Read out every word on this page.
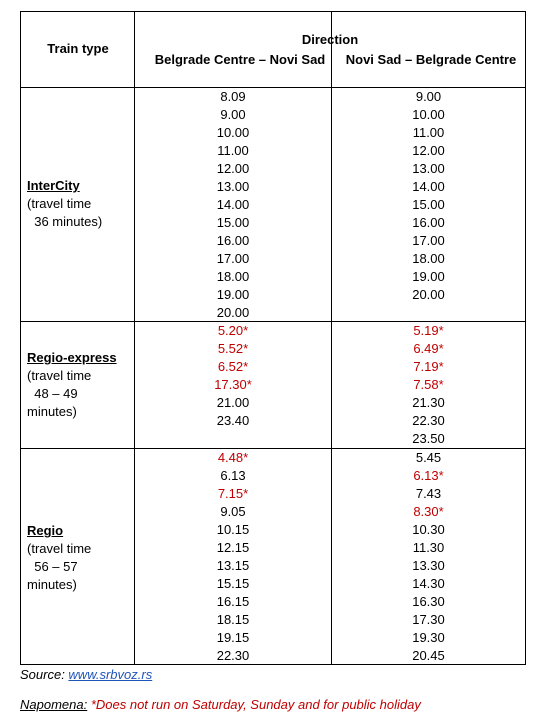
Train type
Direction
Belgrade Centre – Novi Sad	Novi Sad – Belgrade Centre
InterCity
(travel time
36 minutes)
8.09
9.00
10.00
11.00
12.00
13.00
14.00
15.00
16.00
17.00
18.00
19.00
20.00
9.00
10.00
11.00
12.00
13.00
14.00
15.00
16.00
17.00
18.00
19.00
20.00
Regio-express
(travel time
48 – 49
minutes)
5.20*
5.52*
6.52*
17.30*
21.00
23.40
5.19*
6.49*
7.19*
7.58*
21.30
22.30
23.50
Regio
(travel time
56 – 57
minutes)
4.48*
6.13
7.15*
9.05
10.15
12.15
13.15
15.15
16.15
18.15
19.15
22.30
5.45
6.13*
7.43
8.30*
10.30
11.30
13.30
14.30
16.30
17.30
19.30
20.45
Source: www.srbvoz.rs
Napomena: *Does not run on Saturday, Sunday and for public holiday
